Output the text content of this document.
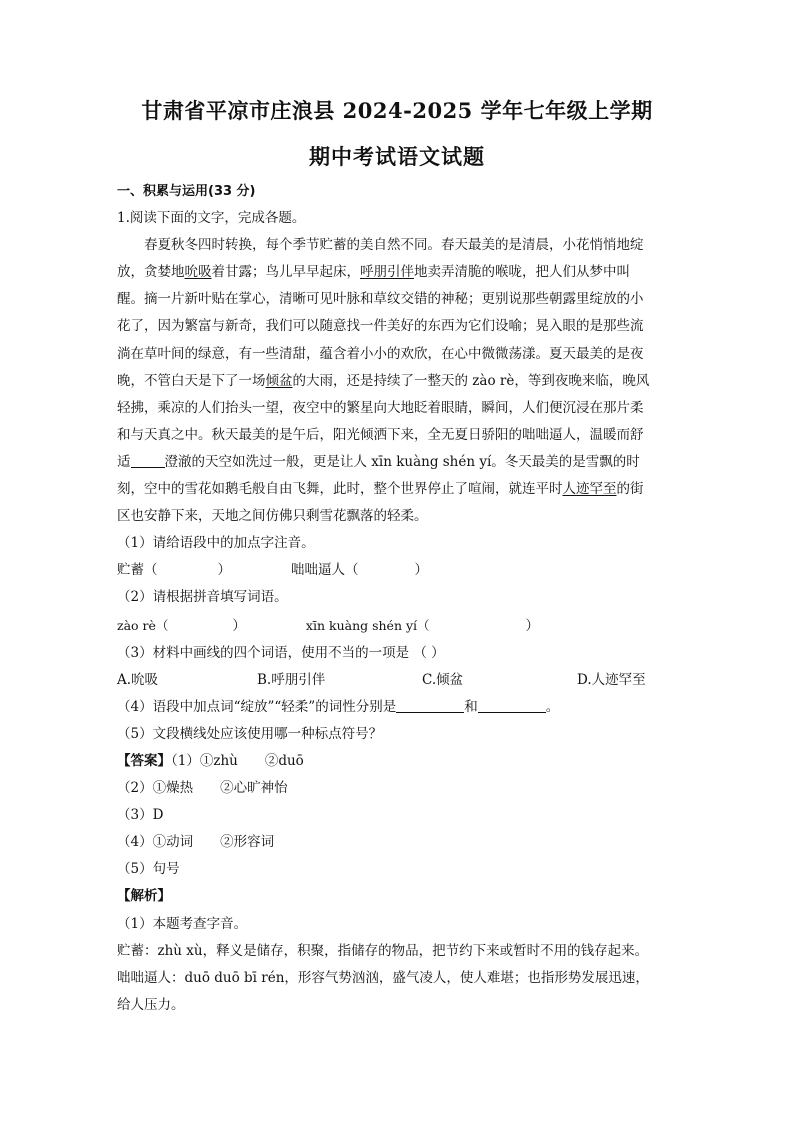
甘肃省平凉市庄浪县 2024-2025 学年七年级上学期
期中考试语文试题
一、积累与运用(33 分)
1.阅读下面的文字，完成各题。
春夏秋冬四时转换，每个季节贮蓄的美自然不同。春天最美的是清晨，小花悄悄地绽
放，贪婪地吮吸着甘露；鸟儿早早起床，呼朋引伴地卖弄清脆的喉咙，把人们从梦中叫
醒。摘一片新叶贴在掌心，清晰可见叶脉和草纹交错的神秘；更别说那些朝露里绽放的小
花了，因为繁富与新奇，我们可以随意找一件美好的东西为它们设喻；晃入眼的是那些流
淌在草叶间的绿意，有一些清甜，蕴含着小小的欢欣，在心中微微荡漾。夏天最美的是夜
晚，不管白天是下了一场倾盆的大雨，还是持续了一整天的 zào rè，等到夜晚来临，晚风
轻拂，乘凉的人们抬头一望，夜空中的繁星向大地眨着眼睛，瞬间，人们便沉浸在那片柔
和与天真之中。秋天最美的是午后，阳光倾洒下来，全无夏日骄阳的咄咄逼人，温暖而舒
适	澄澈的天空如洗过一般，更是让人 xīn kuàng shén yí。冬天最美的是雪飘的时
刻，空中的雪花如鹅毛般自由飞舞，此时，整个世界停止了喧闹，就连平时人迹罕至的街
区也安静下来，天地之间仿佛只剩雪花飘落的轻柔。
（1）请给语段中的加点字注音。
贮蓄（	）	咄咄逼人（	）
（2）请根据拼音填写词语。
zào rè（	）	xīn kuàng shén yí（	）
（3）材料中画线的四个词语，使用不当的一项是 （ ）
A.吮吸	B.呼朋引伴	C.倾盆	D.人迹罕至
（4）语段中加点词“绽放”“轻柔”的词性分别是	和	。
（5）文段横线处应该使用哪一种标点符号？
【答案】（1）①zhù　　②duō
（2）①燥热　　②心旷神怡
（3）D
（4）①动词　　②形容词
（5）句号
【解析】
（1）本题考查字音。
贮蓄：zhù xù，释义是储存，积聚，指储存的物品，把节约下来或暂时不用的钱存起来。
咄咄逼人：duō duō bī rén，形容气势汹汹，盛气凌人，使人难堪；也指形势发展迅速，
给人压力。
